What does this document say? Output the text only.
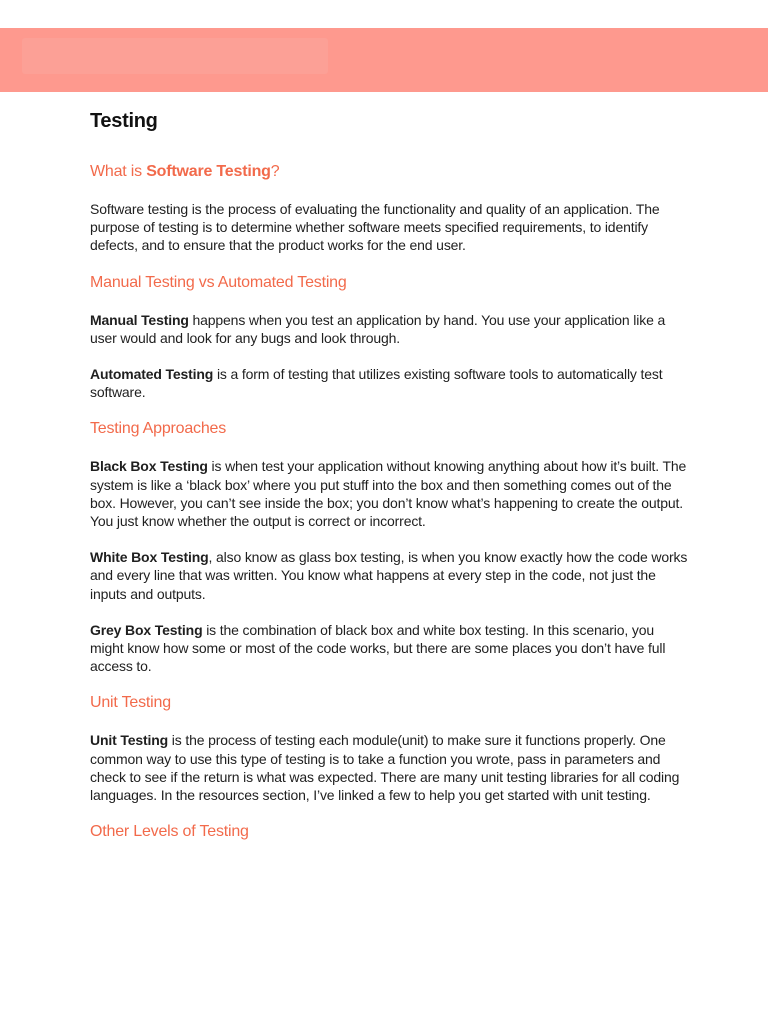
Testing
What is Software Testing?

Software testing is the process of evaluating the functionality and quality of an application. The purpose of testing is to determine whether software meets specified requirements, to identify defects, and to ensure that the product works for the end user.

Manual Testing vs Automated Testing

Manual Testing happens when you test an application by hand. You use your application like a user would and look for any bugs and look through.

Automated Testing is a form of testing that utilizes existing software tools to automatically test software.

Testing Approaches

Black Box Testing is when test your application without knowing anything about how it’s built. The system is like a ‘black box’ where you put stuff into the box and then something comes out of the box. However, you can’t see inside the box; you don’t know what’s happening to create the output. You just know whether the output is correct or incorrect.

White Box Testing, also know as glass box testing, is when you know exactly how the code works and every line that was written. You know what happens at every step in the code, not just the inputs and outputs.

Grey Box Testing is the combination of black box and white box testing. In this scenario, you might know how some or most of the code works, but there are some places you don’t have full access to.

Unit Testing

Unit Testing is the process of testing each module(unit) to make sure it functions properly. One common way to use this type of testing is to take a function you wrote, pass in parameters and check to see if the return is what was expected. There are many unit testing libraries for all coding languages. In the resources section, I’ve linked a few to help you get started with unit testing.

Other Levels of Testing
